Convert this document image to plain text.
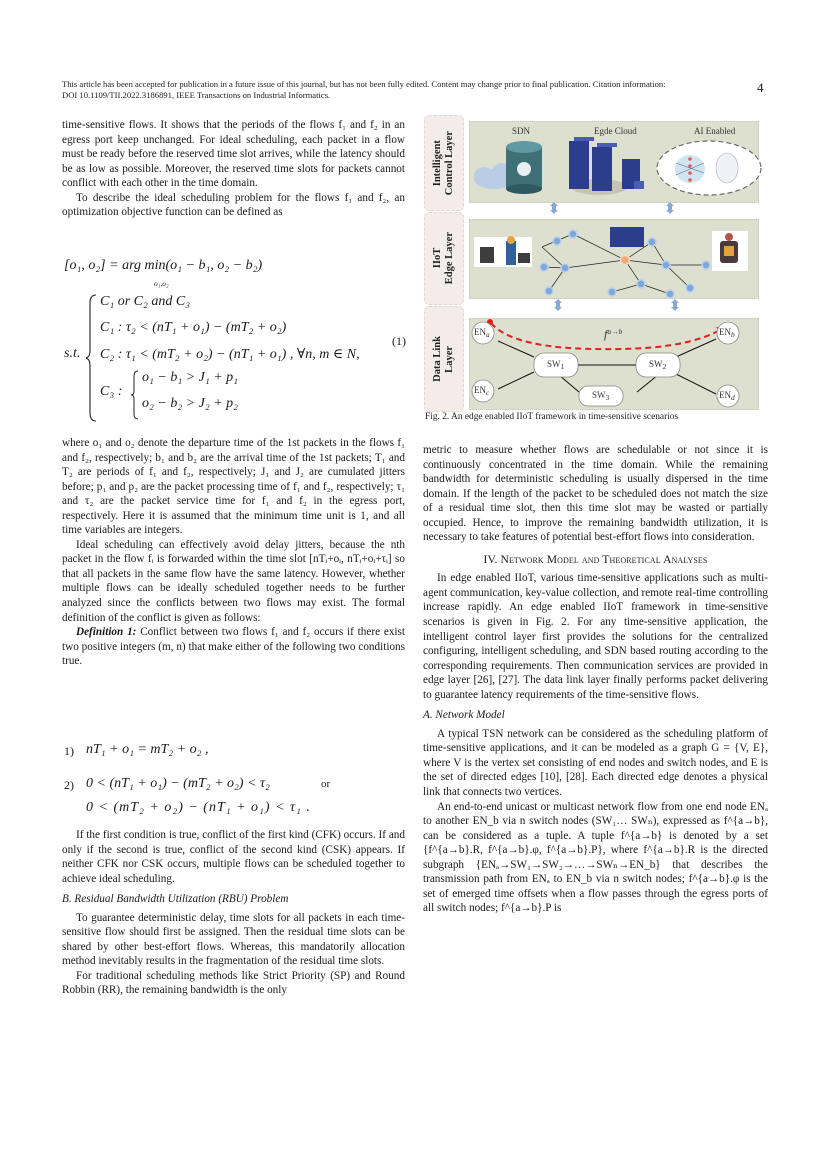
This article has been accepted for publication in a future issue of this journal, but has not been fully edited. Content may change prior to final publication. Citation information:
DOI 10.1109/TII.2022.3186891, IEEE Transactions on Industrial Informatics.	4

time-sensitive flows. It shows that the periods of the flows f₁ and f₂ in an egress port keep unchanged. For ideal scheduling, each packet in a flow must be ready before the reserved time slot arrives, while the latency should be as low as possible. Moreover, the reserved time slots for packets cannot conflict with each other in the time domain.

To describe the ideal scheduling problem for the flows f₁ and f₂, an optimization objective function can be defined as

[o₁, o₂] = arg min(o₁ − b₁, o₂ − b₂)
o₁,o₂
s.t.
C₁ or C₂ and C₃
C₁ : τ₂ < (nT₁ + o₁) − (mT₂ + o₂)
C₂ : τ₁ < (mT₂ + o₂) − (nT₁ + o₁) , ∀n, m ∈ N,
C₃ :
o₁ − b₁ > J₁ + p₁
o₂ − b₂ > J₂ + p₂
(1)

where o₁ and o₂ denote the departure time of the 1st packets in the flows f₁ and f₂, respectively; b₁ and b₂ are the arrival time of the 1st packets; T₁ and T₂ are periods of f₁ and f₂, respectively; J₁ and J₂ are cumulated jitters before; p₁ and p₂ are the packet processing time of f₁ and f₂, respectively; τ₁ and τ₂ are the packet service time for f₁ and f₂ in the egress port, respectively. Here it is assumed that the minimum time unit is 1, and all time variables are integers.

Ideal scheduling can effectively avoid delay jitters, because the nth packet in the flow fᵢ is forwarded within the time slot [nTᵢ+oᵢ, nTᵢ+oᵢ+τᵢ] so that all packets in the same flow have the same latency. However, whether multiple flows can be ideally scheduled together needs to be further analyzed since the conflicts between two flows may exist. The formal definition of the conflict is given as follows:

Definition 1: Conflict between two flows f₁ and f₂ occurs if there exist two positive integers (m, n) that make either of the following two conditions true.

1) nT₁ + o₁ = mT₂ + o₂ ,
2) 0 < (nT₁ + o₁) − (mT₂ + o₂) < τ₂	or
0 < (mT₂ + o₂) − (nT₁ + o₁) < τ₁ .

If the first condition is true, conflict of the first kind (CFK) occurs. If and only if the second is true, conflict of the second kind (CSK) appears. If neither CFK nor CSK occurs, multiple flows can be scheduled together to achieve ideal scheduling.

B. Residual Bandwidth Utilization (RBU) Problem

To guarantee deterministic delay, time slots for all packets in each time-sensitive flow should first be assigned. Then the residual time slots can be shared by other best-effort flows. Whereas, this mandatorily allocation method inevitably results in the fragmentation of the residual time slots.

For traditional scheduling methods like Strict Priority (SP) and Round Robbin (RR), the remaining bandwidth is the only

Intelligent
Control Layer
IIoT
Edge Layer
Data Link
Layer
SDN	Egde Cloud	AI Enabled
$f^{a\to b}$
$EN_a$	$EN_b$
$EN_c$	$EN_d$
$SW_1$	$SW_2$
$SW_3$
Fig. 2. An edge enabled IIoT framework in time-sensitive scenarios

metric to measure whether flows are schedulable or not since it is continuously concentrated in the time domain. While the remaining bandwidth for deterministic scheduling is usually dispersed in the time domain. If the length of the packet to be scheduled does not match the size of a residual time slot, then this time slot may be wasted or partially occupied. Hence, to improve the remaining bandwidth utilization, it is necessary to take features of potential best-effort flows into consideration.

IV. Network Model and Theoretical Analyses

In edge enabled IIoT, various time-sensitive applications such as multi-agent communication, key-value collection, and remote real-time controlling increase rapidly. An edge enabled IIoT framework in time-sensitive scenarios is given in Fig. 2. For any time-sensitive application, the intelligent control layer first provides the solutions for the centralized configuring, intelligent scheduling, and SDN based routing according to the corresponding requirements. Then communication services are provided in edge layer [26], [27]. The data link layer finally performs packet delivering to guarantee latency requirements of the time-sensitive flows.

A. Network Model

A typical TSN network can be considered as the scheduling platform of time-sensitive applications, and it can be modeled as a graph G = {V, E}, where V is the vertex set consisting of end nodes and switch nodes, and E is the set of directed edges [10], [28]. Each directed edge denotes a physical link that connects two vertices.

An end-to-end unicast or multicast network flow from one end node ENₐ to another EN_b via n switch nodes (SW₁… SWₙ), expressed as f^{a→b}, can be considered as a tuple. A tuple f^{a→b} is denoted by a set {f^{a→b}.R, f^{a→b}.φ, f^{a→b}.P}, where f^{a→b}.R is the directed subgraph {ENₐ→SW₁→SW₂→…→SWₙ→EN_b} that describes the transmission path from ENₐ to EN_b via n switch nodes; f^{a→b}.φ is the set of emerged time offsets when a flow passes through the egress ports of all switch nodes; f^{a→b}.P is
